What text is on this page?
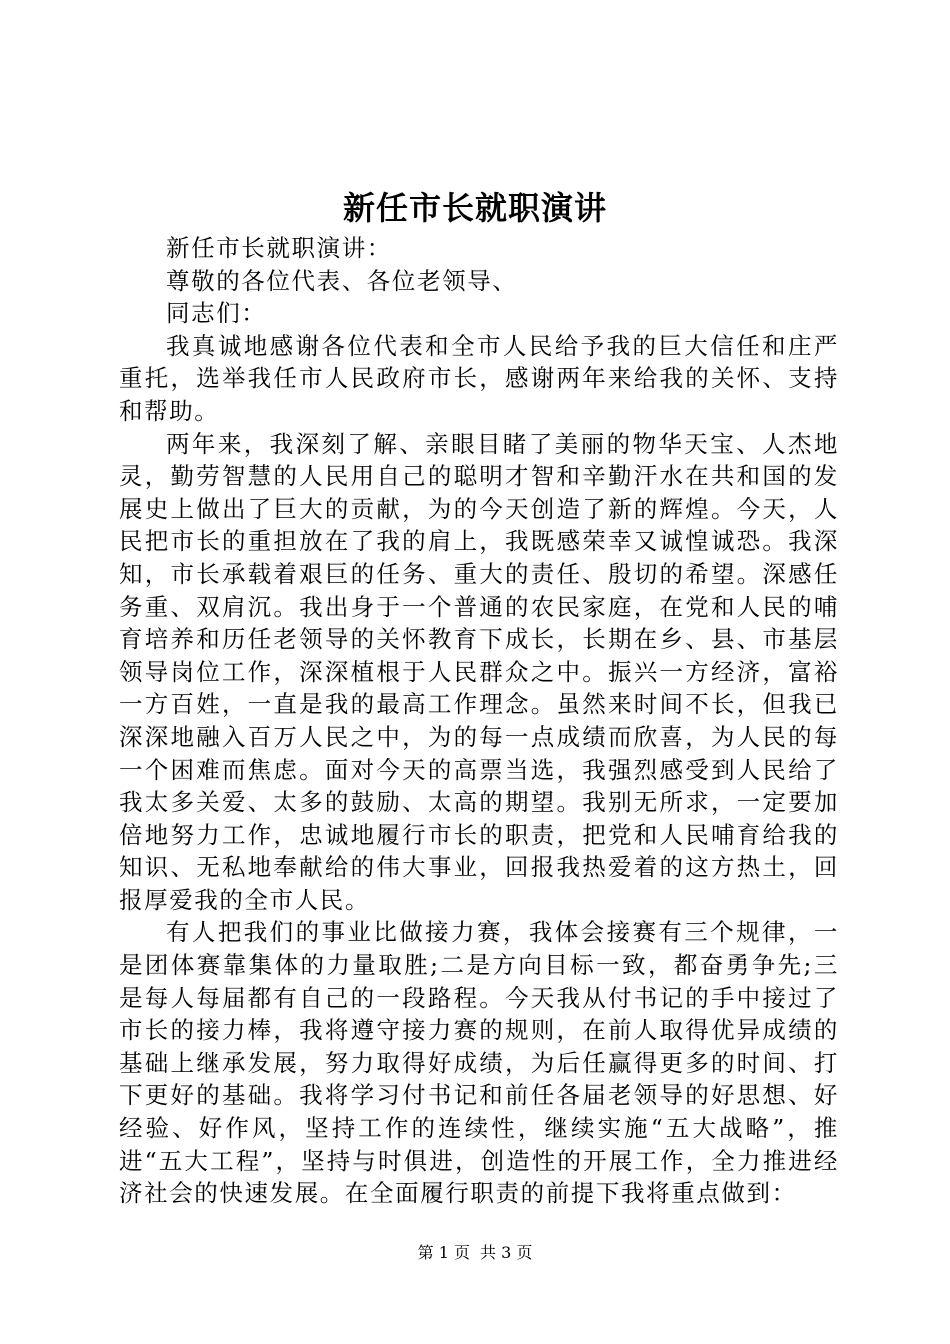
新任市长就职演讲

新任市长就职演讲：

尊敬的各位代表、各位老领导、

同志们：

我真诚地感谢各位代表和全市人民给予我的巨大信任和庄严重托，选举我任市人民政府市长，感谢两年来给我的关怀、支持和帮助。

两年来，我深刻了解、亲眼目睹了美丽的物华天宝、人杰地灵，勤劳智慧的人民用自己的聪明才智和辛勤汗水在共和国的发展史上做出了巨大的贡献，为的今天创造了新的辉煌。今天，人民把市长的重担放在了我的肩上，我既感荣幸又诚惶诚恐。我深知，市长承载着艰巨的任务、重大的责任、殷切的希望。深感任务重、双肩沉。我出身于一个普通的农民家庭，在党和人民的哺育培养和历任老领导的关怀教育下成长，长期在乡、县、市基层领导岗位工作，深深植根于人民群众之中。振兴一方经济，富裕一方百姓，一直是我的最高工作理念。虽然来时间不长，但我已深深地融入百万人民之中，为的每一点成绩而欣喜，为人民的每一个困难而焦虑。面对今天的高票当选，我强烈感受到人民给了我太多关爱、太多的鼓励、太高的期望。我别无所求，一定要加倍地努力工作，忠诚地履行市长的职责，把党和人民哺育给我的知识、无私地奉献给的伟大事业，回报我热爱着的这方热土，回报厚爱我的全市人民。

有人把我们的事业比做接力赛，我体会接赛有三个规律，一是团体赛靠集体的力量取胜;二是方向目标一致，都奋勇争先;三是每人每届都有自己的一段路程。今天我从付书记的手中接过了市长的接力棒，我将遵守接力赛的规则，在前人取得优异成绩的基础上继承发展，努力取得好成绩，为后任赢得更多的时间、打下更好的基础。我将学习付书记和前任各届老领导的好思想、好经验、好作风，坚持工作的连续性，继续实施“五大战略”，推进“五大工程”，坚持与时俱进，创造性的开展工作，全力推进经济社会的快速发展。在全面履行职责的前提下我将重点做到：

第 1 页 共 3 页
